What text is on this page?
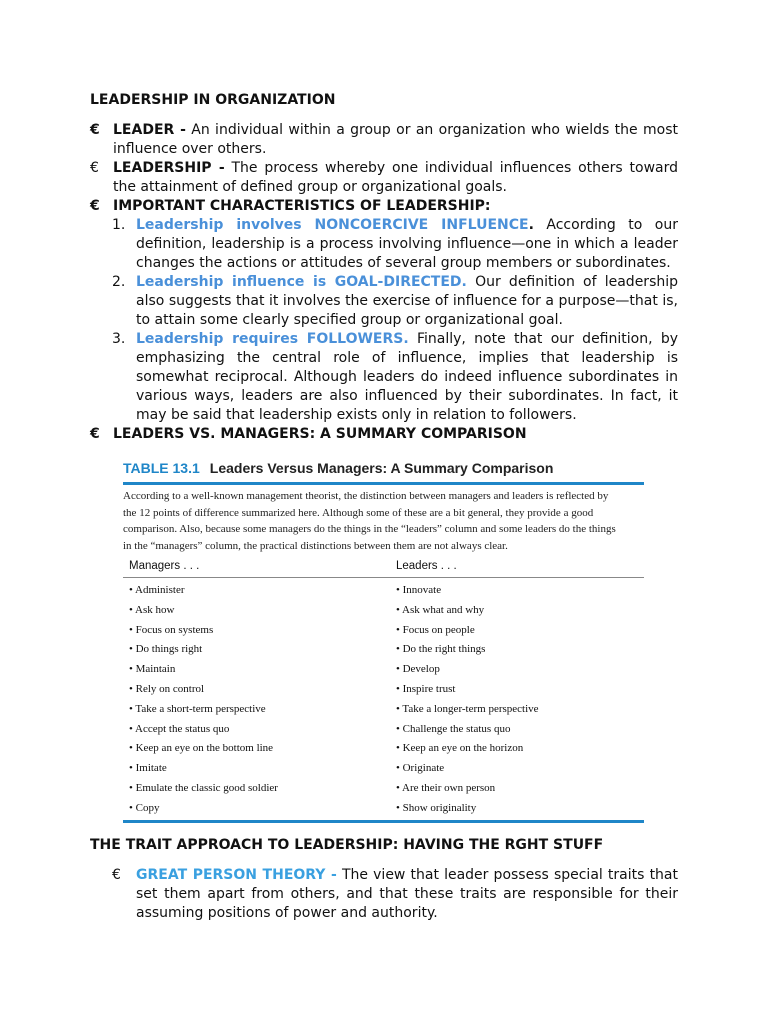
LEADERSHIP IN ORGANIZATION
€ LEADER - An individual within a group or an organization who wields the most influence over others.
€ LEADERSHIP - The process whereby one individual influences others toward the attainment of defined group or organizational goals.
€ IMPORTANT CHARACTERISTICS OF LEADERSHIP:
1. Leadership involves NONCOERCIVE INFLUENCE. According to our definition, leadership is a process involving influence—one in which a leader changes the actions or attitudes of several group members or subordinates.
2. Leadership influence is GOAL-DIRECTED. Our definition of leadership also suggests that it involves the exercise of influence for a purpose—that is, to attain some clearly specified group or organizational goal.
3. Leadership requires FOLLOWERS. Finally, note that our definition, by emphasizing the central role of influence, implies that leadership is somewhat reciprocal. Although leaders do indeed influence subordinates in various ways, leaders are also influenced by their subordinates. In fact, it may be said that leadership exists only in relation to followers.
€ LEADERS VS. MANAGERS: A SUMMARY COMPARISON
TABLE 13.1 Leaders Versus Managers: A Summary Comparison
According to a well-known management theorist, the distinction between managers and leaders is reflected by the 12 points of difference summarized here. Although some of these are a bit general, they provide a good comparison. Also, because some managers do the things in the “leaders” column and some leaders do the things in the “managers” column, the practical distinctions between them are not always clear.
Managers . . .	Leaders . . .
• Administer	• Innovate
• Ask how	• Ask what and why
• Focus on systems	• Focus on people
• Do things right	• Do the right things
• Maintain	• Develop
• Rely on control	• Inspire trust
• Take a short-term perspective	• Take a longer-term perspective
• Accept the status quo	• Challenge the status quo
• Keep an eye on the bottom line	• Keep an eye on the horizon
• Imitate	• Originate
• Emulate the classic good soldier	• Are their own person
• Copy	• Show originality
THE TRAIT APPROACH TO LEADERSHIP: HAVING THE RGHT STUFF
€ GREAT PERSON THEORY - The view that leader possess special traits that set them apart from others, and that these traits are responsible for their assuming positions of power and authority.
